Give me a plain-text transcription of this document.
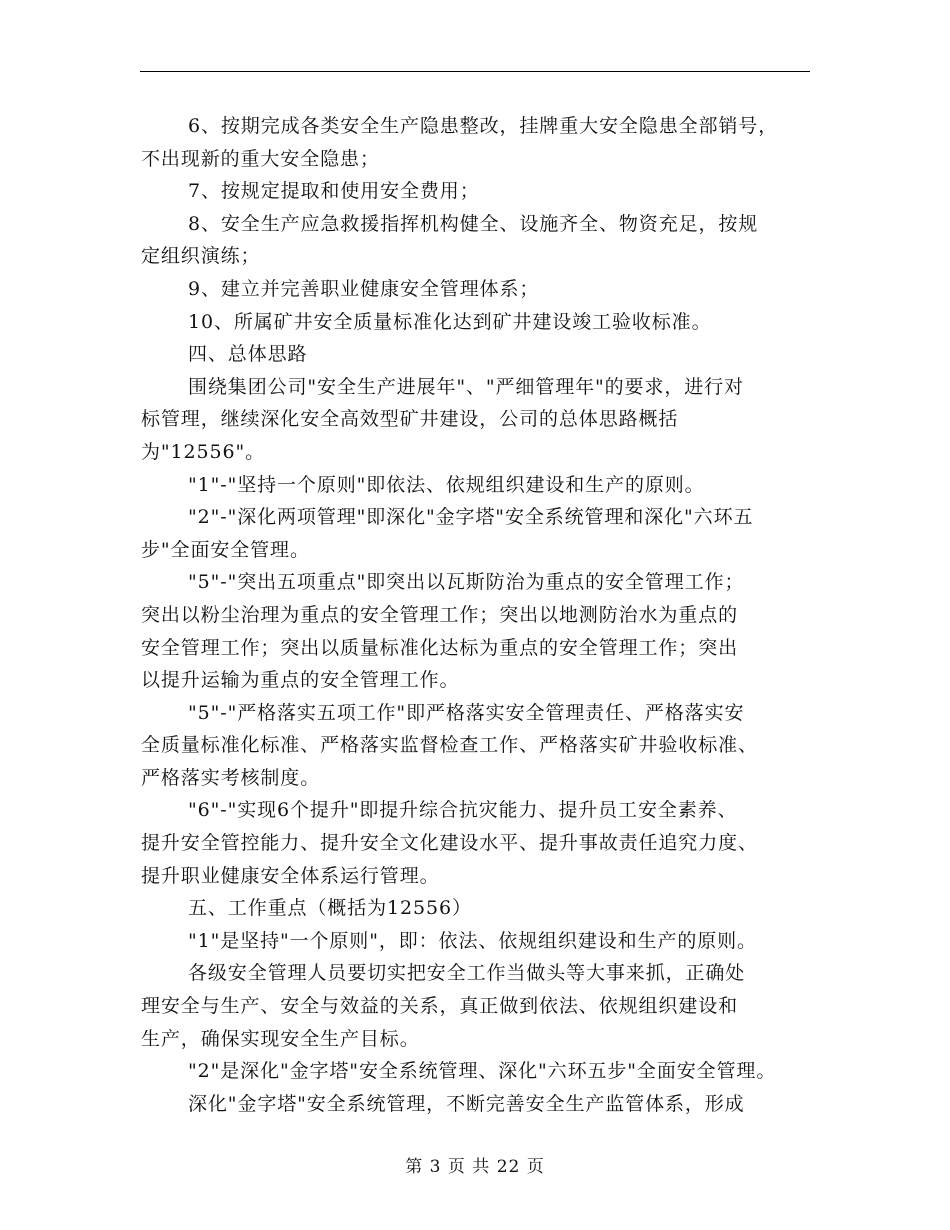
6、按期完成各类安全生产隐患整改，挂牌重大安全隐患全部销号，
不出现新的重大安全隐患；
7、按规定提取和使用安全费用；
8、安全生产应急救援指挥机构健全、设施齐全、物资充足，按规
定组织演练；
9、建立并完善职业健康安全管理体系；
10、所属矿井安全质量标准化达到矿井建设竣工验收标准。
四、总体思路
围绕集团公司"安全生产进展年"、"严细管理年"的要求，进行对
标管理，继续深化安全高效型矿井建设，公司的总体思路概括
为"12556"。
"1"-"坚持一个原则"即依法、依规组织建设和生产的原则。
"2"-"深化两项管理"即深化"金字塔"安全系统管理和深化"六环五
步"全面安全管理。
"5"-"突出五项重点"即突出以瓦斯防治为重点的安全管理工作；
突出以粉尘治理为重点的安全管理工作；突出以地测防治水为重点的
安全管理工作；突出以质量标准化达标为重点的安全管理工作；突出
以提升运输为重点的安全管理工作。
"5"-"严格落实五项工作"即严格落实安全管理责任、严格落实安
全质量标准化标准、严格落实监督检查工作、严格落实矿井验收标准、
严格落实考核制度。
"6"-"实现6个提升"即提升综合抗灾能力、提升员工安全素养、
提升安全管控能力、提升安全文化建设水平、提升事故责任追究力度、
提升职业健康安全体系运行管理。
五、工作重点（概括为12556）
"1"是坚持"一个原则"，即：依法、依规组织建设和生产的原则。
各级安全管理人员要切实把安全工作当做头等大事来抓，正确处
理安全与生产、安全与效益的关系，真正做到依法、依规组织建设和
生产，确保实现安全生产目标。
"2"是深化"金字塔"安全系统管理、深化"六环五步"全面安全管理。
深化"金字塔"安全系统管理，不断完善安全生产监管体系，形成
第 3 页 共 22 页
